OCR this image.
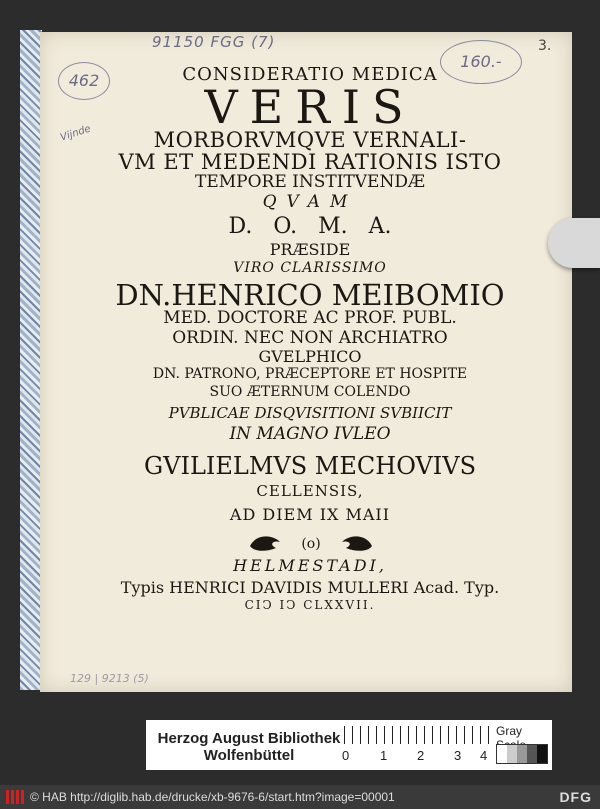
91150 FGG (7)
462
Vijnde
160.-
3.
129 | 9213 (5)
CONSIDERATIO MEDICA
VERIS
MORBORVMQVE VERNALI-
VM ET MEDENDI RATIONIS ISTO
TEMPORE INSTITVENDÆ
QVAM
D. O. M. A.
PRÆSIDE
VIRO CLARISSIMO
DN.HENRICO MEIBOMIO
MED. DOCTORE AC PROF. PUBL.
ORDIN. NEC NON ARCHIATRO
GVELPHICO
DN. PATRONO, PRÆCEPTORE ET HOSPITE
SUO ÆTERNUM COLENDO
PVBLICAE DISQVISITIONI SVBIICIT
IN MAGNO IVLEO
GVILIELMVS MECHOVIVS
CELLENSIS,
AD DIEM IX MAII
(o)
HELMESTADI,
Typis HENRICI DAVIDIS MULLERI Acad. Typ.
CIↃ IↃ CLXXVII.
Herzog August Bibliothek
Wolfenbüttel	0 1 2 3 4
Gray
© HAB http://diglib.hab.de/drucke/xb-9676-6/start.htm?image=00001	DFG
